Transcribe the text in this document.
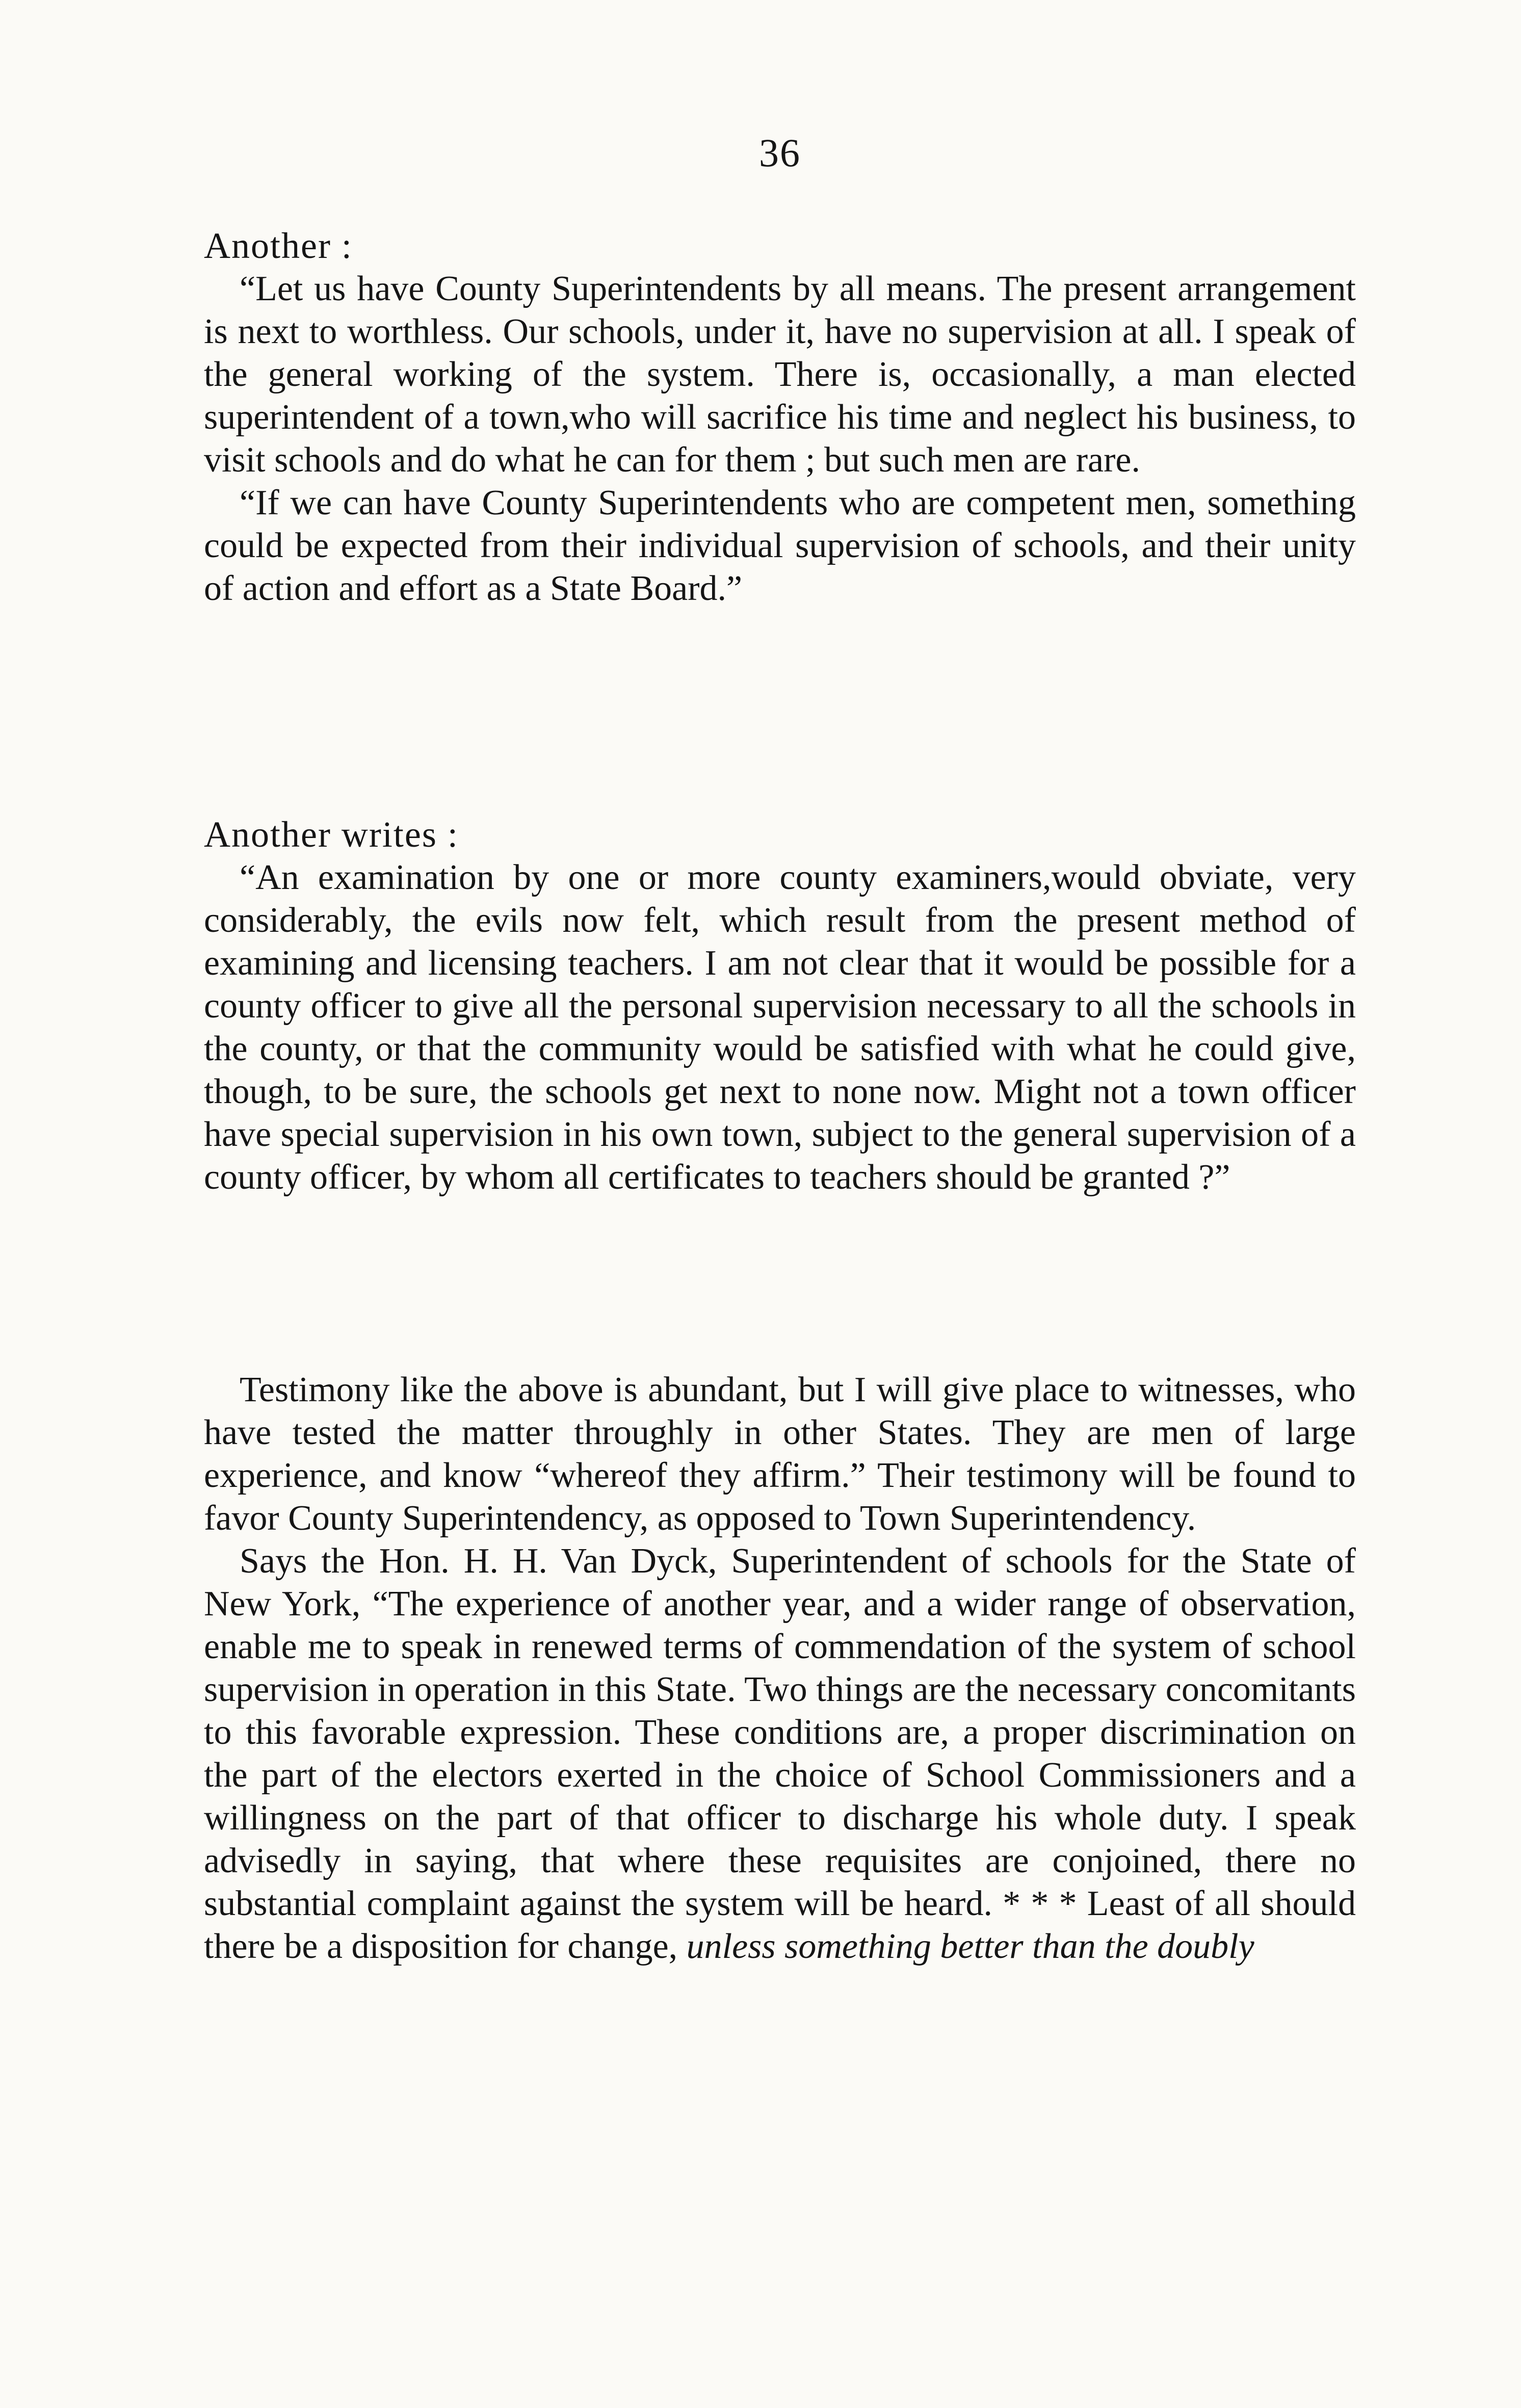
36
Another :

“Let us have County Superintendents by all means. The present arrangement is next to worthless. Our schools, under it, have no supervision at all. I speak of the general working of the system. There is, occasionally, a man elected superintendent of a town,who will sacrifice his time and neglect his business, to visit schools and do what he can for them ; but such men are rare.

“If we can have County Superintendents who are competent men, something could be expected from their individual supervision of schools, and their unity of action and effort as a State Board.”

Another writes :

“An examination by one or more county examiners,would obviate, very considerably, the evils now felt, which result from the present method of examining and licensing teachers. I am not clear that it would be possible for a county officer to give all the personal supervision necessary to all the schools in the county, or that the community would be satisfied with what he could give, though, to be sure, the schools get next to none now. Might not a town officer have special supervision in his own town, subject to the general supervision of a county officer, by whom all certificates to teachers should be granted ?”

Testimony like the above is abundant, but I will give place to witnesses, who have tested the matter throughly in other States. They are men of large experience, and know “whereof they affirm.” Their testimony will be found to favor County Superintendency, as opposed to Town Superintendency.

Says the Hon. H. H. Van Dyck, Superintendent of schools for the State of New York, “The experience of another year, and a wider range of observation, enable me to speak in renewed terms of commendation of the system of school supervision in operation in this State. Two things are the necessary concomitants to this favorable expression. These conditions are, a proper discrimination on the part of the electors exerted in the choice of School Commissioners and a willingness on the part of that officer to discharge his whole duty. I speak advisedly in saying, that where these requisites are conjoined, there no substantial complaint against the system will be heard. * * * Least of all should there be a disposition for change, unless something better than the doubly
